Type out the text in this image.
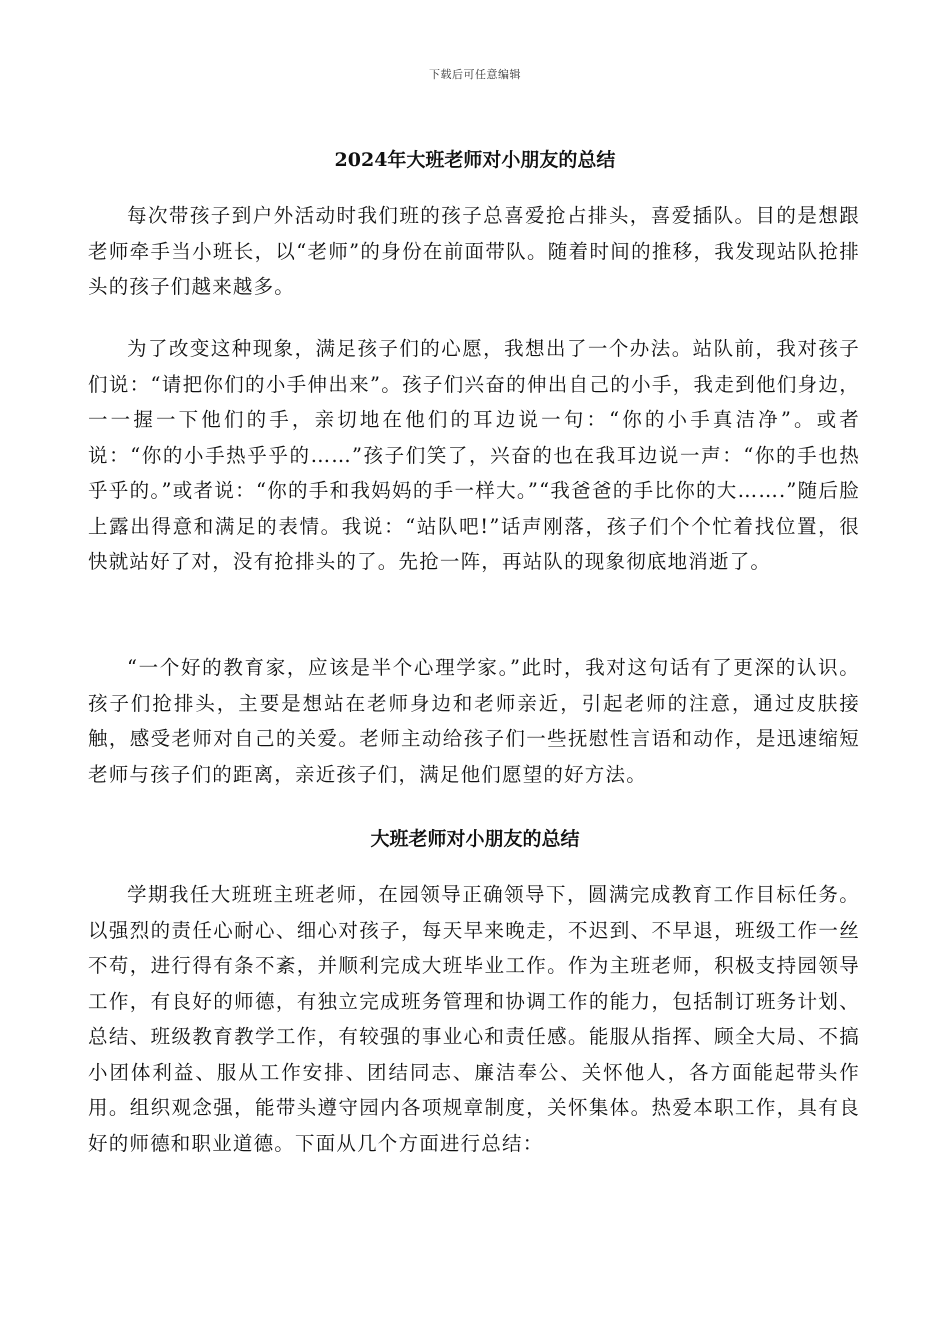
下载后可任意编辑
2024年大班老师对小朋友的总结

每次带孩子到户外活动时我们班的孩子总喜爱抢占排头，喜爱插队。目的是想跟老师牵手当小班长，以“老师”的身份在前面带队。随着时间的推移，我发现站队抢排头的孩子们越来越多。

为了改变这种现象，满足孩子们的心愿，我想出了一个办法。站队前，我对孩子们说：“请把你们的小手伸出来”。孩子们兴奋的伸出自己的小手，我走到他们身边，一一握一下他们的手，亲切地在他们的耳边说一句：“你的小手真洁净”。或者说：“你的小手热乎乎的……”孩子们笑了，兴奋的也在我耳边说一声：“你的手也热乎乎的。”或者说：“你的手和我妈妈的手一样大。”“我爸爸的手比你的大…….”随后脸上露出得意和满足的表情。我说：“站队吧!”话声刚落，孩子们个个忙着找位置，很快就站好了对，没有抢排头的了。先抢一阵，再站队的现象彻底地消逝了。

“一个好的教育家，应该是半个心理学家。”此时，我对这句话有了更深的认识。孩子们抢排头，主要是想站在老师身边和老师亲近，引起老师的注意，通过皮肤接触，感受老师对自己的关爱。老师主动给孩子们一些抚慰性言语和动作，是迅速缩短老师与孩子们的距离，亲近孩子们，满足他们愿望的好方法。

大班老师对小朋友的总结

学期我任大班班主班老师，在园领导正确领导下，圆满完成教育工作目标任务。以强烈的责任心耐心、细心对孩子，每天早来晚走，不迟到、不早退，班级工作一丝不苟，进行得有条不紊，并顺利完成大班毕业工作。作为主班老师，积极支持园领导工作，有良好的师德，有独立完成班务管理和协调工作的能力，包括制订班务计划、总结、班级教育教学工作，有较强的事业心和责任感。能服从指挥、顾全大局、不搞小团体利益、服从工作安排、团结同志、廉洁奉公、关怀他人，各方面能起带头作用。组织观念强，能带头遵守园内各项规章制度，关怀集体。热爱本职工作，具有良好的师德和职业道德。下面从几个方面进行总结：
